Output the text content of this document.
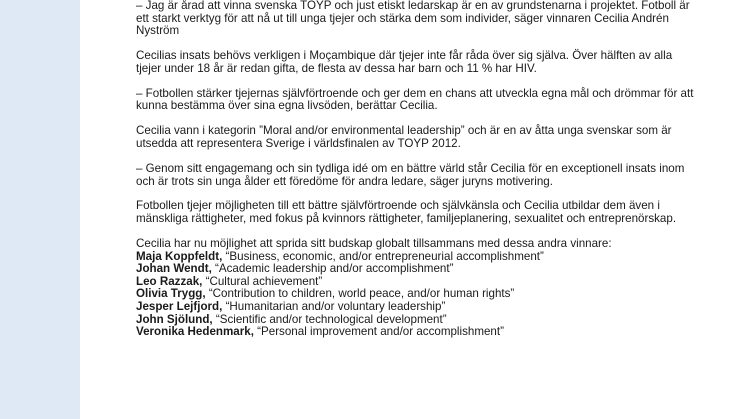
– Jag är årad att vinna svenska TOYP och just etiskt ledarskap är en av grundstenarna i projektet. Fotboll är ett starkt verktyg för att nå ut till unga tjejer och stärka dem som individer, säger vinnaren Cecilia Andrén Nyström

Cecilias insats behövs verkligen i Moçambique där tjejer inte får råda över sig själva. Över hälften av alla tjejer under 18 år är redan gifta, de flesta av dessa har barn och 11 % har HIV.

– Fotbollen stärker tjejernas självförtroende och ger dem en chans att utveckla egna mål och drömmar för att kunna bestämma över sina egna livsöden, berättar Cecilia.

Cecilia vann i kategorin ”Moral and/or environmental leadership” och är en av åtta unga svenskar som är utsedda att representera Sverige i världsfinalen av TOYP 2012.

– Genom sitt engagemang och sin tydliga idé om en bättre värld står Cecilia för en exceptionell insats inom och är trots sin unga ålder ett föredöme för andra ledare, säger juryns motivering.

Fotbollen tjejer möjligheten till ett bättre självförtroende och självkänsla och Cecilia utbildar dem även i mänskliga rättigheter, med fokus på kvinnors rättigheter, familjeplanering, sexualitet och entreprenörskap.

Cecilia har nu möjlighet att sprida sitt budskap globalt tillsammans med dessa andra vinnare:
Maja Koppfeldt, “Business, economic, and/or entrepreneurial accomplishment”
Johan Wendt, “Academic leadership and/or accomplishment”
Leo Razzak, “Cultural achievement”
Olivia Trygg, “Contribution to children, world peace, and/or human rights”
Jesper Lejfjord, “Humanitarian and/or voluntary leadership”
John Sjölund, “Scientific and/or technological development”
Veronika Hedenmark, “Personal improvement and/or accomplishment”
